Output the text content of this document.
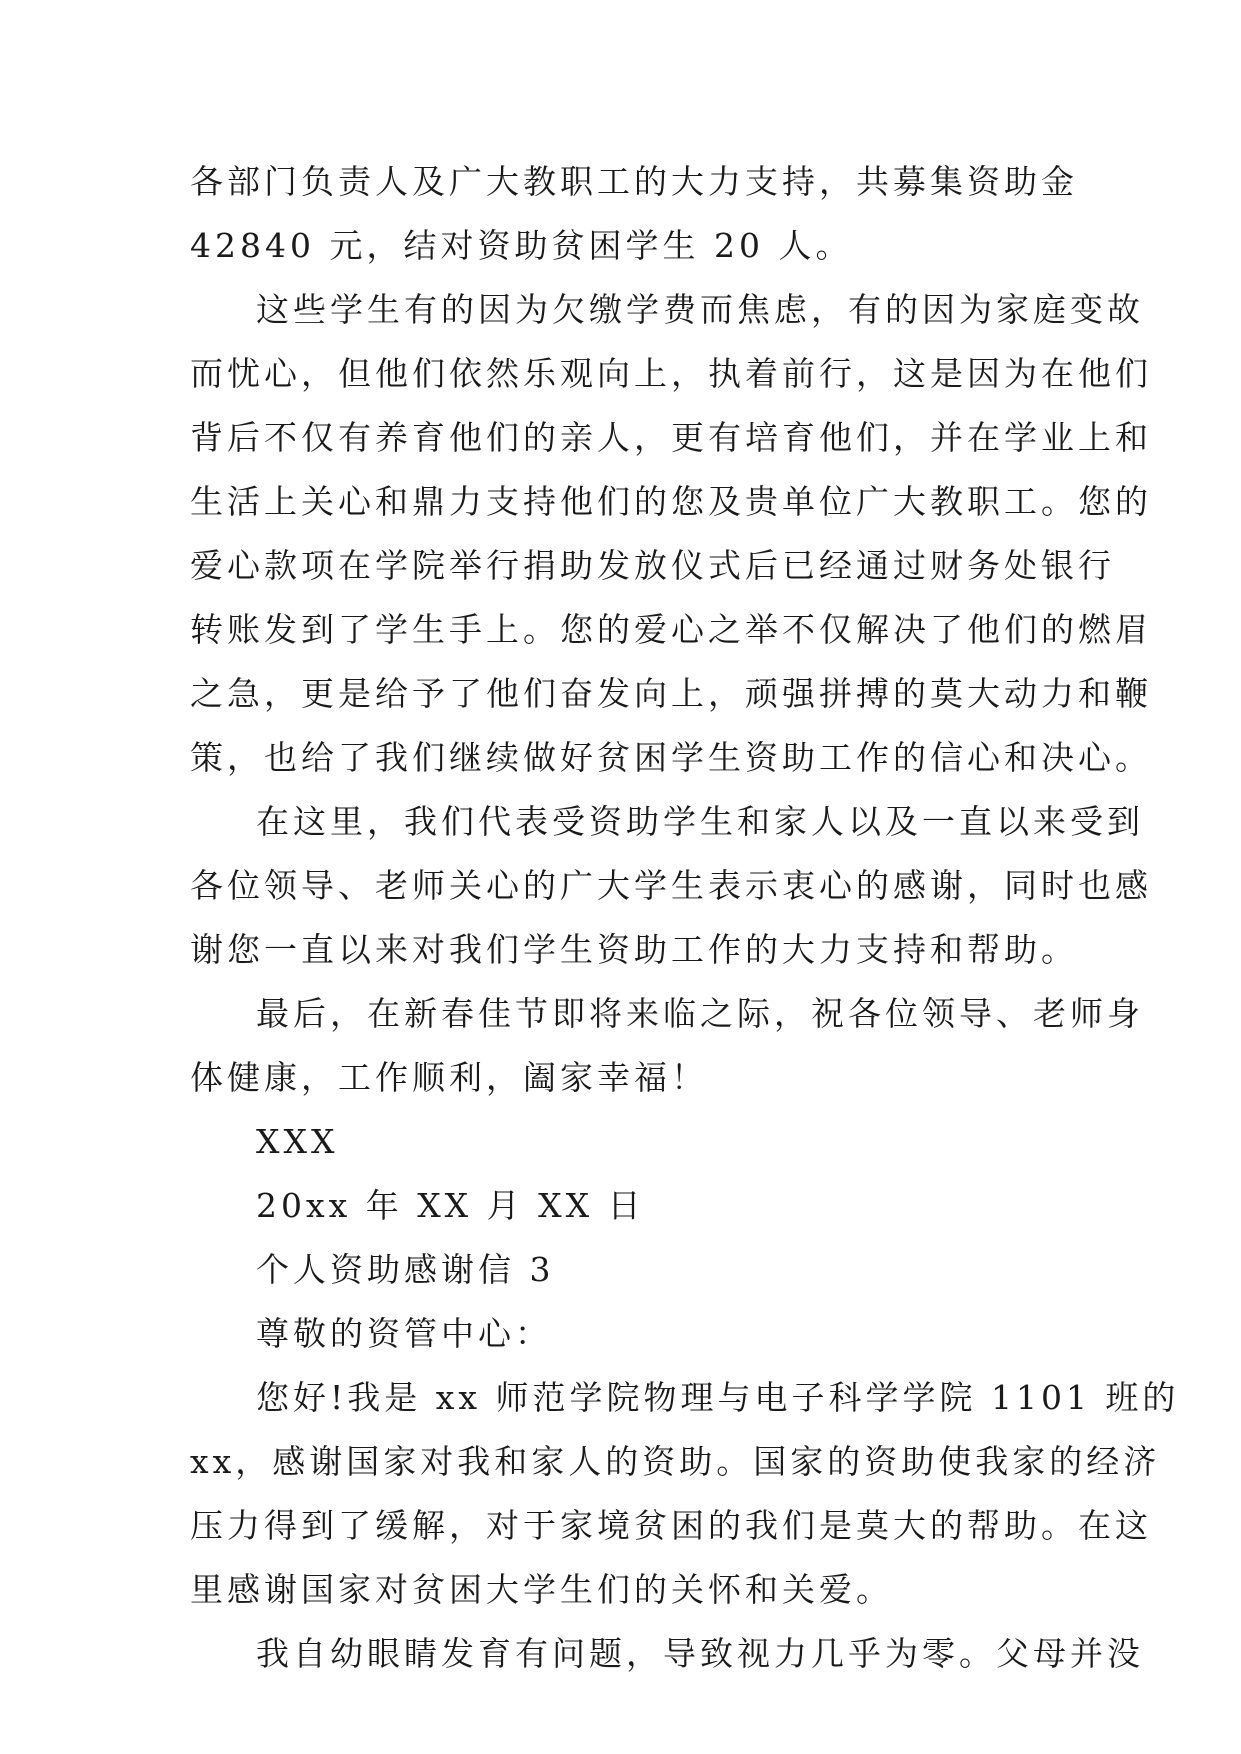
各部门负责人及广大教职工的大力支持，共募集资助金
42840 元，结对资助贫困学生 20 人。
这些学生有的因为欠缴学费而焦虑，有的因为家庭变故
而忧心，但他们依然乐观向上，执着前行，这是因为在他们
背后不仅有养育他们的亲人，更有培育他们，并在学业上和
生活上关心和鼎力支持他们的您及贵单位广大教职工。您的
爱心款项在学院举行捐助发放仪式后已经通过财务处银行
转账发到了学生手上。您的爱心之举不仅解决了他们的燃眉
之急，更是给予了他们奋发向上，顽强拼搏的莫大动力和鞭
策，也给了我们继续做好贫困学生资助工作的信心和决心。
在这里，我们代表受资助学生和家人以及一直以来受到
各位领导、老师关心的广大学生表示衷心的感谢，同时也感
谢您一直以来对我们学生资助工作的大力支持和帮助。
最后，在新春佳节即将来临之际，祝各位领导、老师身
体健康，工作顺利，阖家幸福！
XXX
20xx 年 XX 月 XX 日
个人资助感谢信 3
尊敬的资管中心：
您好!我是 xx 师范学院物理与电子科学学院 1101 班的
xx，感谢国家对我和家人的资助。国家的资助使我家的经济
压力得到了缓解，对于家境贫困的我们是莫大的帮助。在这
里感谢国家对贫困大学生们的关怀和关爱。
我自幼眼睛发育有问题，导致视力几乎为零。父母并没
